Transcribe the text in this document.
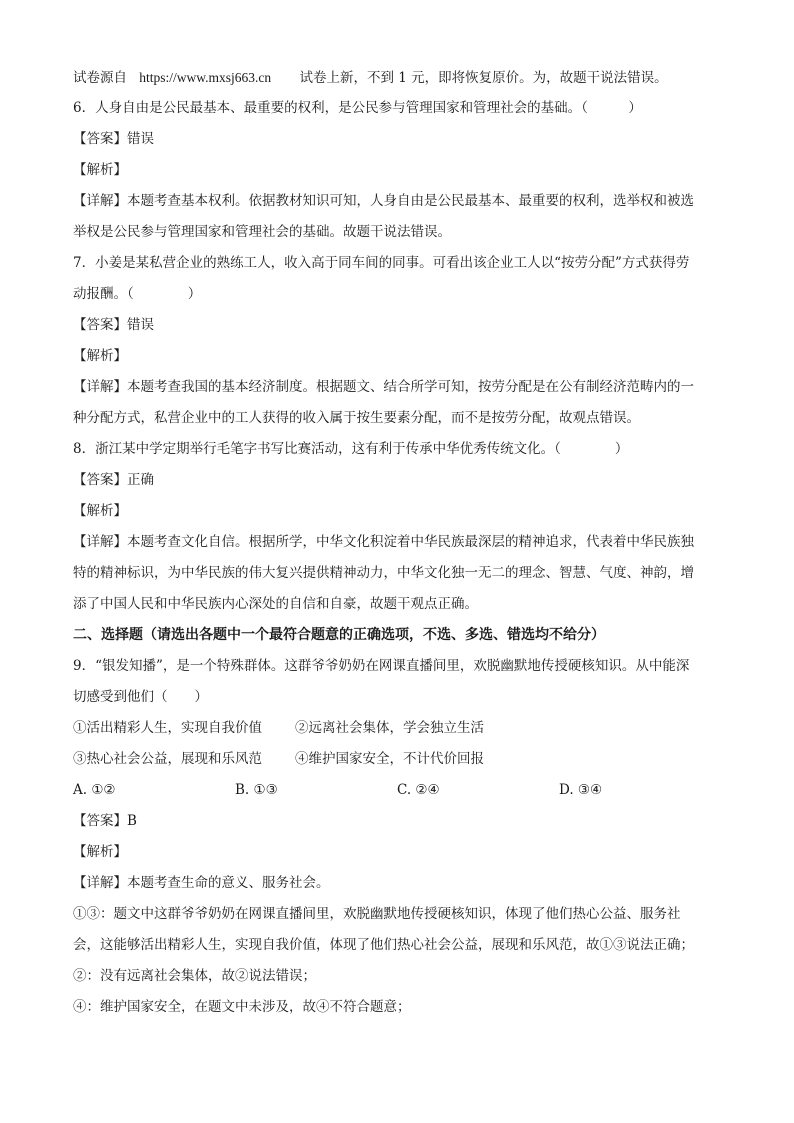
试卷源自 https://www.mxsj663.cn 试卷上新，不到 1 元，即将恢复原价。为，故题干说法错误。
6．人身自由是公民最基本、最重要的权利，是公民参与管理国家和管理社会的基础。（　　　）
【答案】错误
【解析】
【详解】本题考查基本权利。依据教材知识可知，人身自由是公民最基本、最重要的权利，选举权和被选
举权是公民参与管理国家和管理社会的基础。故题干说法错误。
7．小姜是某私营企业的熟练工人，收入高于同车间的同事。可看出该企业工人以“按劳分配”方式获得劳
动报酬。（　　　　）
【答案】错误
【解析】
【详解】本题考查我国的基本经济制度。根据题文、结合所学可知，按劳分配是在公有制经济范畴内的一
种分配方式，私营企业中的工人获得的收入属于按生要素分配，而不是按劳分配，故观点错误。
8．浙江某中学定期举行毛笔字书写比赛活动，这有利于传承中华优秀传统文化。（　　　　）
【答案】正确
【解析】
【详解】本题考查文化自信。根据所学，中华文化积淀着中华民族最深层的精神追求，代表着中华民族独
特的精神标识，为中华民族的伟大复兴提供精神动力，中华文化独一无二的理念、智慧、气度、神韵，增
添了中国人民和中华民族内心深处的自信和自豪，故题干观点正确。
二、选择题（请选出各题中一个最符合题意的正确选项，不选、多选、错选均不给分）
9．“银发知播”，是一个特殊群体。这群爷爷奶奶在网课直播间里，欢脱幽默地传授硬核知识。从中能深
切感受到他们（　　）
①活出精彩人生，实现自我价值	②远离社会集体，学会独立生活
③热心社会公益，展现和乐风范	④维护国家安全，不计代价回报
A. ①②	B. ①③	C. ②④	D. ③④
【答案】B
【解析】
【详解】本题考查生命的意义、服务社会。
①③：题文中这群爷爷奶奶在网课直播间里，欢脱幽默地传授硬核知识，体现了他们热心公益、服务社
会，这能够活出精彩人生，实现自我价值，体现了他们热心社会公益，展现和乐风范，故①③说法正确；
②：没有远离社会集体，故②说法错误；
④：维护国家安全，在题文中未涉及，故④不符合题意；
